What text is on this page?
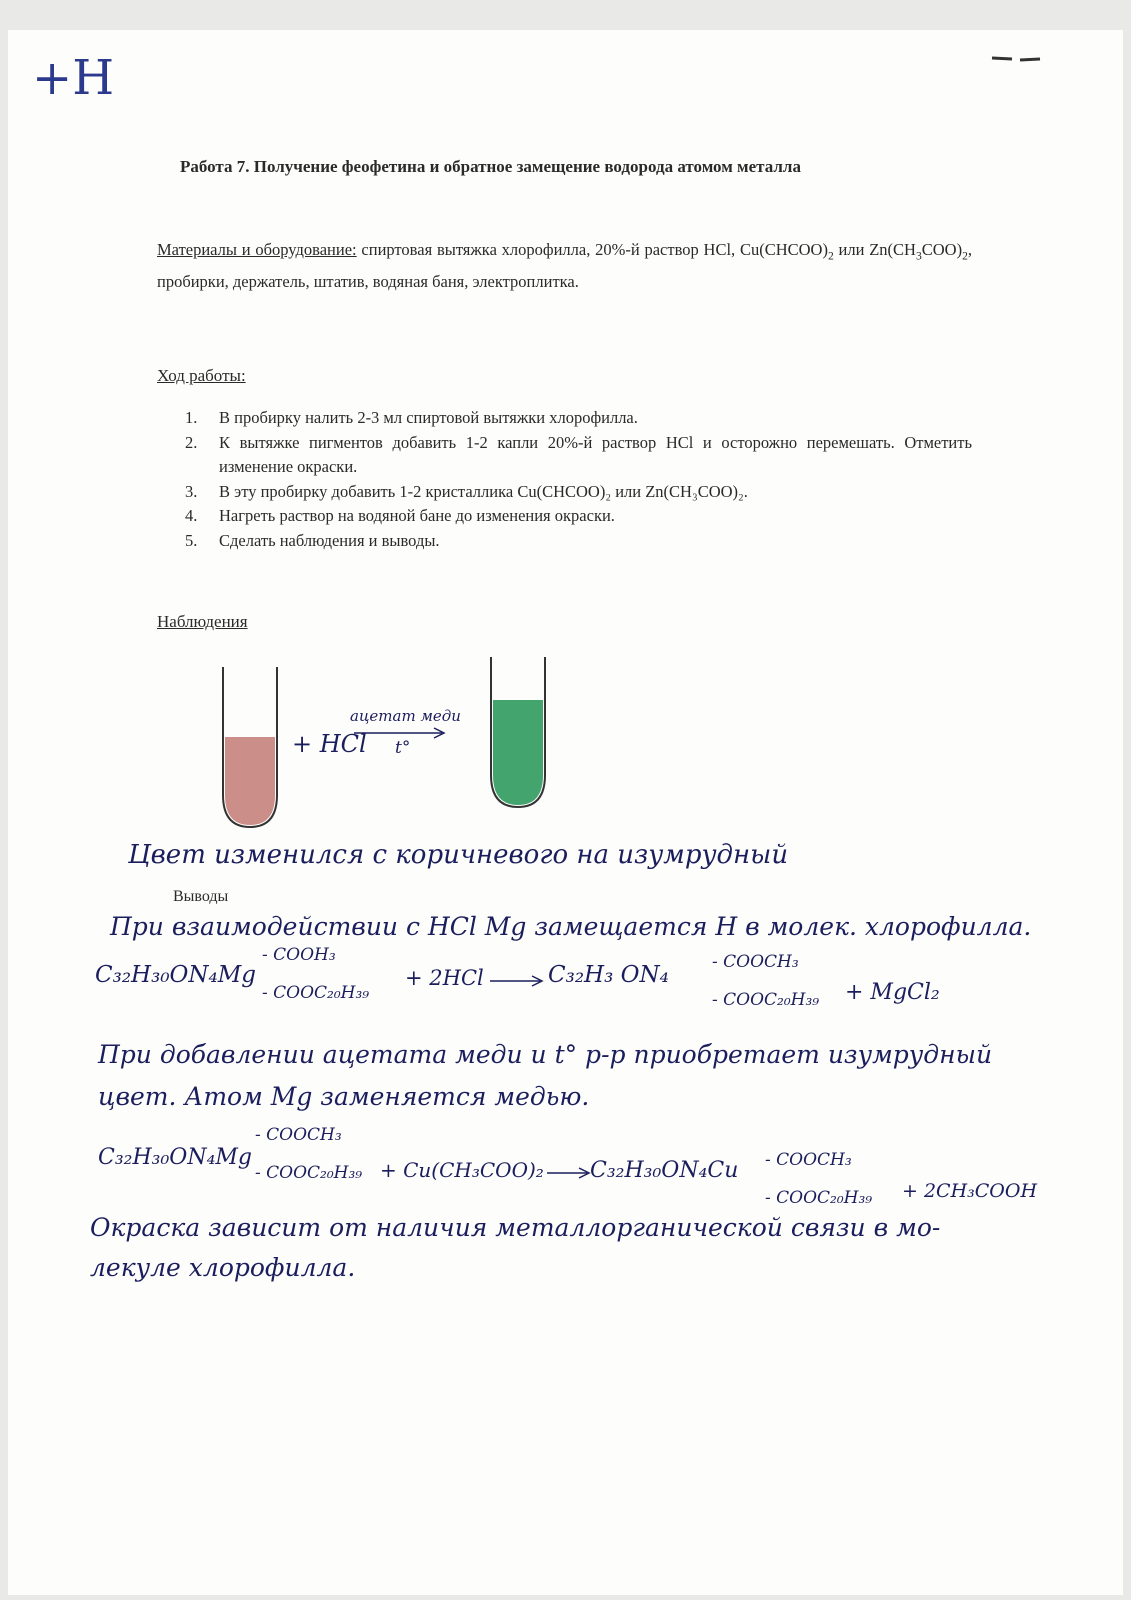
+H
Работа 7. Получение феофетина и обратное замещение водорода атомом металла
Материалы и оборудование: спиртовая вытяжка хлорофилла, 20%-й раствор HCl, $Cu(CHCOO)_2$ или $Zn(CH_3COO)_2$, пробирки, держатель, штатив, водяная баня, электроплитка.
Ход работы:
1.	В пробирку налить 2-3 мл спиртовой вытяжки хлорофилла.
2.	К вытяжке пигментов добавить 1-2 капли 20%-й раствор HCl и осторожно перемешать. Отметить изменение окраски.
3.	В эту пробирку добавить 1-2 кристаллика Cu(CHCOO)₂ или Zn(CH₃COO)₂.
4.	Нагреть раствор на водяной бане до изменения окраски.
5.	Сделать наблюдения и выводы.
Наблюдения
+ HCl
ацетат меди
t°
Цвет изменился с коричневого на изумрудный
Выводы
При взаимодействии с HCl Mg замещается H в молек. хлорофилла.
C₃₂H₃₀ON₄Mg
- COOH₃
- COOC₂₀H₃₉
+ 2HCl	C₃₂H₃ ON₄	- COOCH₃
- COOC₂₀H₃₉ + MgCl₂
При добавлении ацетата меди и t° р-р приобретает изумрудный
цвет. Атом Mg заменяется медью.
C₃₂H₃₀ON₄Mg
- COOCH₃
- COOC₂₀H₃₉ + Cu(CH₃COO)₂ C₃₂H₃₀ON₄Cu - COOCH₃
- COOC₂₀H₃₉ + 2CH₃COOH
Окраска зависит от наличия металлорганической связи в мо-
лекуле хлорофилла.
